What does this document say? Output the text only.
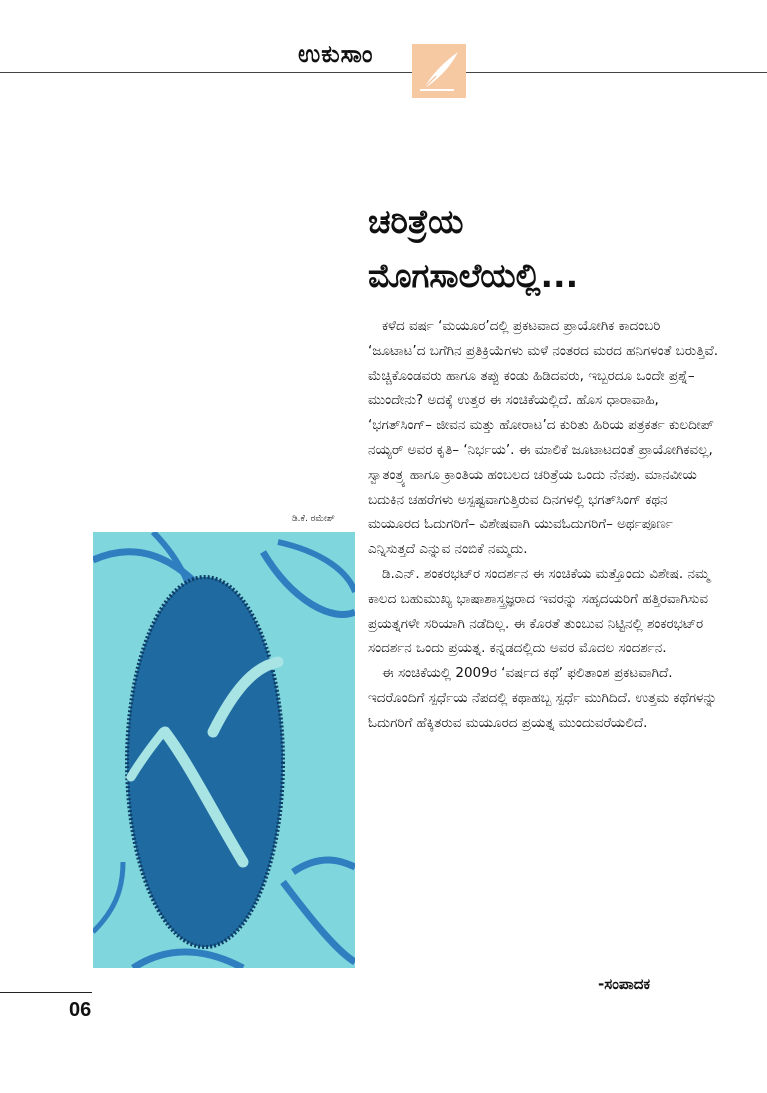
ಉಕುಸಾಂ
ಚರಿತ್ರೆಯ
ಮೊಗಸಾಲೆಯಲ್ಲಿ...

ಕಳೆದ ವರ್ಷ ‘ಮಯೂರ’ದಲ್ಲಿ ಪ್ರಕಟವಾದ ಪ್ರಾಯೋಗಿಕ ಕಾದಂಬರಿ ‘ಜೂಟಾಟ’ದ ಬಗೆಗಿನ ಪ್ರತಿಕ್ರಿಯೆಗಳು ಮಳೆ ನಂತರದ ಮರದ ಹನಿಗಳಂತೆ ಬರುತ್ತಿವೆ. ಮೆಚ್ಚಿಕೊಂಡವರು ಹಾಗೂ ತಪ್ಪು ಕಂಡು ಹಿಡಿದವರು, ಇಬ್ಬರದೂ ಒಂದೇ ಪ್ರಶ್ನೆ– ಮುಂದೇನು? ಅದಕ್ಕೆ ಉತ್ತರ ಈ ಸಂಚಿಕೆಯಲ್ಲಿದೆ. ಹೊಸ ಧಾರಾವಾಹಿ, ‘ಭಗತ್‌ಸಿಂಗ್– ಜೀವನ ಮತ್ತು ಹೋರಾಟ’ದ ಕುರಿತು ಹಿರಿಯ ಪತ್ರಕರ್ತ ಕುಲದೀಪ್ ನಯ್ಯರ್ ಅವರ ಕೃತಿ– ‘ನಿರ್ಭಯ’. ಈ ಮಾಲಿಕೆ ಜೂಟಾಟದಂತೆ ಪ್ರಾಯೋಗಿಕವಲ್ಲ, ಸ್ವಾತಂತ್ರ್ಯ ಹಾಗೂ ಕ್ರಾಂತಿಯ ಹಂಬಲದ ಚರಿತ್ರೆಯ ಒಂದು ನೆನಪು. ಮಾನವೀಯ ಬದುಕಿನ ಚಹರೆಗಳು ಅಸ್ಪಷ್ಟವಾಗುತ್ತಿರುವ ದಿನಗಳಲ್ಲಿ ಭಗತ್‌ಸಿಂಗ್ ಕಥನ ಮಯೂರದ ಓದುಗರಿಗೆ– ವಿಶೇಷವಾಗಿ ಯುವಓದುಗರಿಗೆ– ಅರ್ಥಪೂರ್ಣ ಎನ್ನಿಸುತ್ತದೆ ಎನ್ನುವ ನಂಬಿಕೆ ನಮ್ಮದು.

ಡಿ.ಎನ್. ಶಂಕರಭಟ್‌ರ ಸಂದರ್ಶನ ಈ ಸಂಚಿಕೆಯ ಮತ್ತೊಂದು ವಿಶೇಷ. ನಮ್ಮ ಕಾಲದ ಬಹುಮುಖ್ಯ ಭಾಷಾಶಾಸ್ತ್ರಜ್ಞರಾದ ಇವರನ್ನು ಸಹೃದಯರಿಗೆ ಹತ್ತಿರವಾಗಿಸುವ ಪ್ರಯತ್ನಗಳೇ ಸರಿಯಾಗಿ ನಡೆದಿಲ್ಲ. ಈ ಕೊರತೆ ತುಂಬುವ ನಿಟ್ಟಿನಲ್ಲಿ ಶಂಕರಭಟ್‌ರ ಸಂದರ್ಶನ ಒಂದು ಪ್ರಯತ್ನ. ಕನ್ನಡದಲ್ಲಿದು ಅವರ ಮೊದಲ ಸಂದರ್ಶನ.

ಈ ಸಂಚಿಕೆಯಲ್ಲಿ 2009ರ ‘ವರ್ಷದ ಕಥೆ’ ಫಲಿತಾಂಶ ಪ್ರಕಟವಾಗಿದೆ. ಇದರೊಂದಿಗೆ ಸ್ಪರ್ಧೆಯ ನೆಪದಲ್ಲಿ ಕಥಾಹಬ್ಬ ಸ್ಪರ್ಧೆ ಮುಗಿದಿದೆ. ಉತ್ತಮ ಕಥೆಗಳನ್ನು ಓದುಗರಿಗೆ ಹೆಕ್ಕಿತರುವ ಮಯೂರದ ಪ್ರಯತ್ನ ಮುಂದುವರೆಯಲಿದೆ.

-ಸಂಪಾದಕ
ಡಿ.ಕೆ. ರಮೇಶ್
06
